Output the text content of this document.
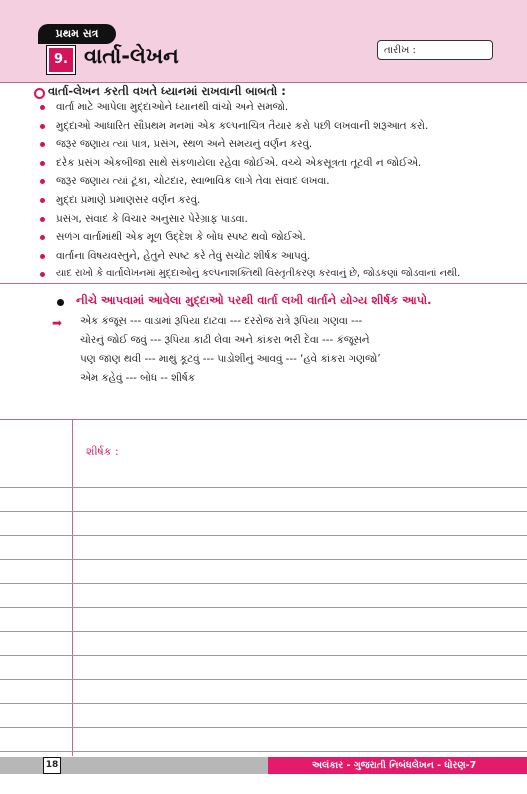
પ્રથમ સત્ર
9. વાર્તા-લેખન	તારીખ :
વાર્તા-લેખન કરતી વખતે ધ્યાનમાં રાખવાની બાબતો :
વાર્તા માટે આપેલા મુદ્દાઓને ધ્યાનથી વાંચો અને સમજો.
મુદ્દાઓ આધારિત સૌપ્રથમ મનમાં એક કલ્પનાચિત્ર તૈયાર કરો પછી લખવાની શરૂઆત કરો.
જરૂર જણાય ત્યાં પાત્ર, પ્રસંગ, સ્થળ અને સમયનું વર્ણન કરવું.
દરેક પ્રસંગ એકબીજા સાથે સંકળાયેલા રહેવા જોઈએ. વચ્ચે એકસૂત્રતા તૂટવી ન જોઈએ.
જરૂર જણાય ત્યાં ટૂંકા, ચોટદાર, સ્વાભાવિક લાગે તેવા સંવાદ લખવા.
મુદ્દા પ્રમાણે પ્રમાણસર વર્ણન કરવું.
પ્રસંગ, સંવાદ કે વિચાર અનુસાર પેરેગ્રાફ પાડવા.
સળંગ વાર્તામાંથી એક મૂળ ઉદ્દેશ કે બોધ સ્પષ્ટ થવો જોઈએ.
વાર્તાના વિષયવસ્તુને, હેતુને સ્પષ્ટ કરે તેવું સચોટ શીર્ષક આપવું.
યાદ રાખો કે વાર્તાલેખનમાં મુદ્દાઓનું કલ્પનાશક્તિથી વિસ્તૃતીકરણ કરવાનું છે, જોડકણાં જોડવાનાં નથી.
નીચે આપવામાં આવેલા મુદ્દાઓ પરથી વાર્તા લખી વાર્તાને યોગ્ય શીર્ષક આપો.
➡ એક કંજૂસ --- વાડામાં રૂપિયા દાટવા --- દરરોજ રાત્રે રૂપિયા ગણવા ---
ચોરનું જોઈ જવું --- રૂપિયા કાઢી લેવા અને કાંકરા ભરી દેવા --- કંજૂસને
પણ જાણ થવી --- માથું કૂટવું --- પાડોશીનું આવવું --- ‘હવે કાંકરા ગણજો’
એમ કહેવું --- બોધ -- શીર્ષક
શીર્ષક :
18	અલંકાર - ગુજરાતી નિબંધલેખન - ધોરણ-7
